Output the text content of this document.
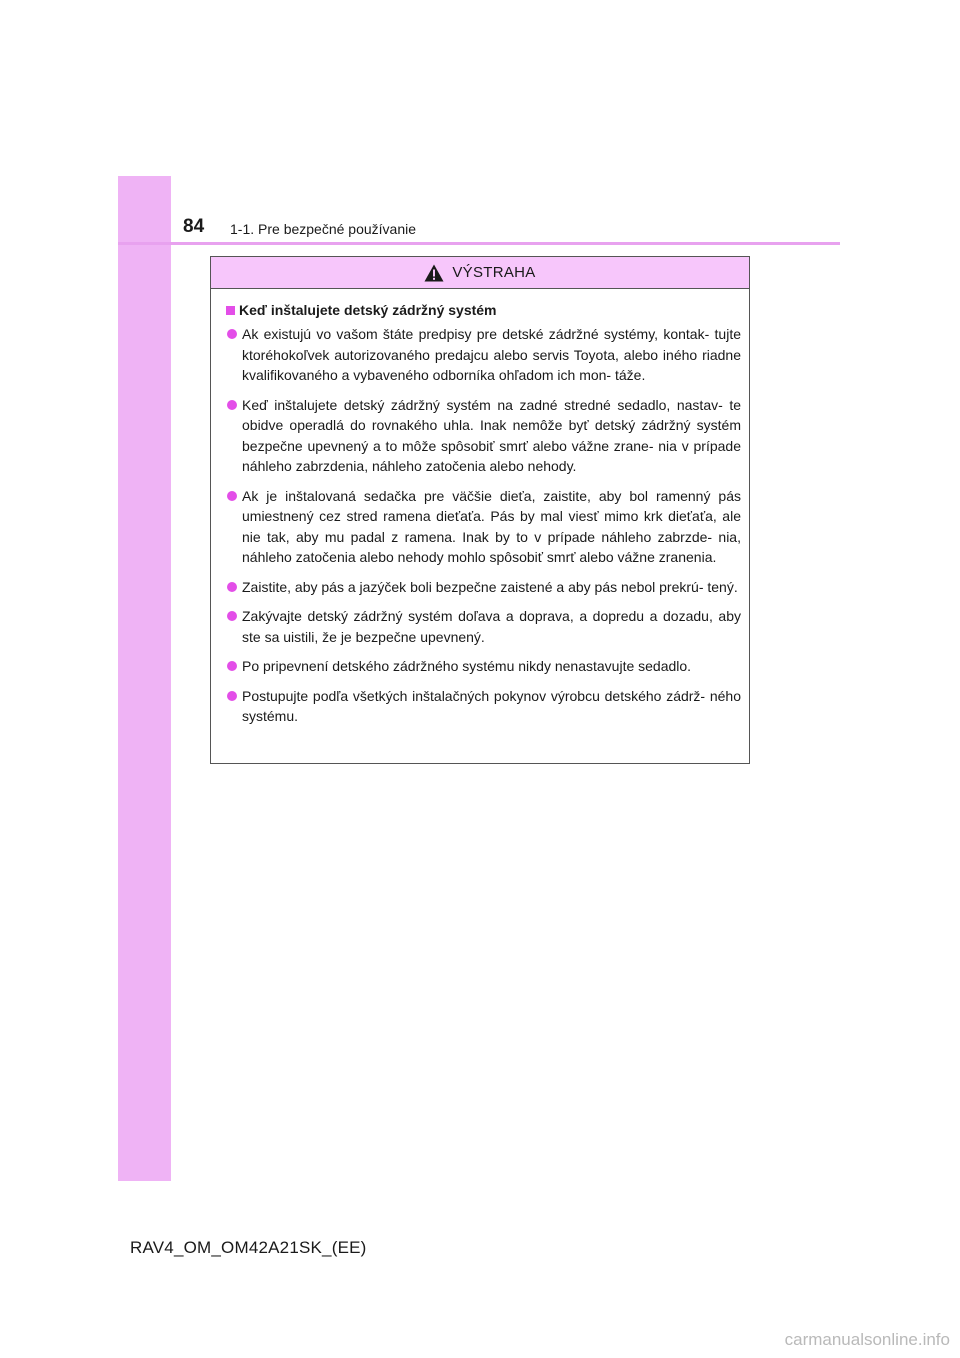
84 1-1. Pre bezpečné používanie
VÝSTRAHA
Keď inštalujete detský zádržný systém
Ak existujú vo vašom štáte predpisy pre detské zádržné systémy, kontak- tujte ktoréhokoľvek autorizovaného predajcu alebo servis Toyota, alebo iného riadne kvalifikovaného a vybaveného odborníka ohľadom ich mon- táže.
Keď inštalujete detský zádržný systém na zadné stredné sedadlo, nastav- te obidve operadlá do rovnakého uhla. Inak nemôže byť detský zádržný systém bezpečne upevnený a to môže spôsobiť smrť alebo vážne zrane- nia v prípade náhleho zabrzdenia, náhleho zatočenia alebo nehody.
Ak je inštalovaná sedačka pre väčšie dieťa, zaistite, aby bol ramenný pás umiestnený cez stred ramena dieťaťa. Pás by mal viesť mimo krk dieťaťa, ale nie tak, aby mu padal z ramena. Inak by to v prípade náhleho zabrzde- nia, náhleho zatočenia alebo nehody mohlo spôsobiť smrť alebo vážne zranenia.
Zaistite, aby pás a jazýček boli bezpečne zaistené a aby pás nebol prekrú- tený.
Zakývajte detský zádržný systém doľava a doprava, a dopredu a dozadu, aby ste sa uistili, že je bezpečne upevnený.
Po pripevnení detského zádržného systému nikdy nenastavujte sedadlo.
Postupujte podľa všetkých inštalačných pokynov výrobcu detského zádrž- ného systému.
RAV4_OM_OM42A21SK_(EE)
carmanualsonline.info
